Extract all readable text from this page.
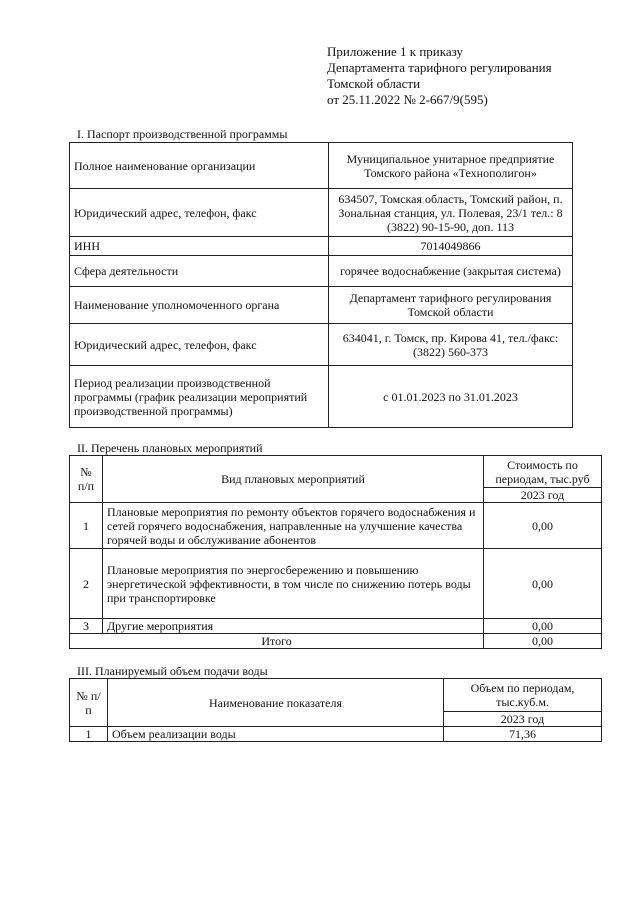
Приложение 1 к приказу
Департамента тарифного регулирования
Томской области
от 25.11.2022 № 2-667/9(595)
I. Паспорт производственной программы
Полное наименование организации	Муниципальное унитарное предприятие Томского района «Технополигон»
Юридический адрес, телефон, факс	634507, Томская область, Томский район, п. Зональная станция, ул. Полевая, 23/1 тел.: 8 (3822) 90-15-90, доп. 113
ИНН	7014049866
Сфера деятельности	горячее водоснабжение (закрытая система)
Наименование уполномоченного органа	Департамент тарифного регулирования Томской области
Юридический адрес, телефон, факс	634041, г. Томск, пр. Кирова 41, тел./факс: (3822) 560-373
Период реализации производственной программы (график реализации мероприятий производственной программы)	с 01.01.2023 по 31.01.2023
II. Перечень плановых мероприятий
№ п/п	Вид плановых мероприятий	Стоимость по периодам, тыс.руб
		2023 год
1	Плановые мероприятия по ремонту объектов горячего водоснабжения и сетей горячего водоснабжения, направленные на улучшение качества горячей воды и обслуживание абонентов	0,00
2	Плановые мероприятия по энергосбережению и повышению энергетической эффективности, в том числе по снижению потерь воды при транспортировке	0,00
3	Другие мероприятия	0,00
Итого		0,00
III. Планируемый объем подачи воды
№ п/п	Наименование показателя	Объем по периодам, тыс.куб.м.
		2023 год
1	Объем реализации воды	71,36
